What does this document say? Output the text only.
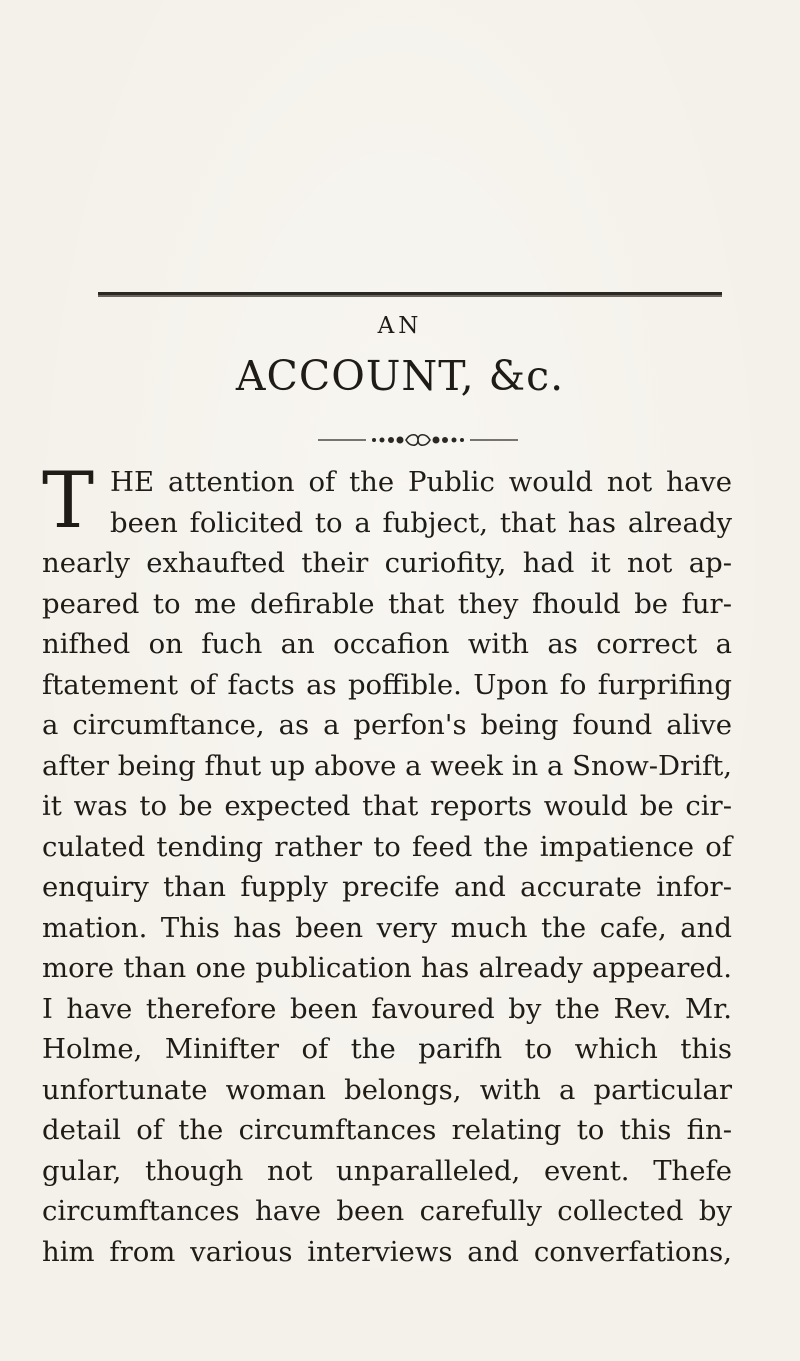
AN
ACCOUNT, &c.
T HE attention of the Public would not have
been folicited to a fubject, that has already
nearly exhaufted their curiofity, had it not ap-
peared to me defirable that they fhould be fur-
nifhed on fuch an occafion with as correct a
ftatement of facts as poffible. Upon fo furprifing
a circumftance, as a perfon's being found alive
after being fhut up above a week in a Snow-Drift,
it was to be expected that reports would be cir-
culated tending rather to feed the impatience of
enquiry than fupply precife and accurate infor-
mation. This has been very much the cafe, and
more than one publication has already appeared.
I have therefore been favoured by the Rev. Mr.
Holme, Minifter of the parifh to which this
unfortunate woman belongs, with a particular
detail of the circumftances relating to this fin-
gular, though not unparalleled, event. Thefe
circumftances have been carefully collected by
him from various interviews and converfations,
